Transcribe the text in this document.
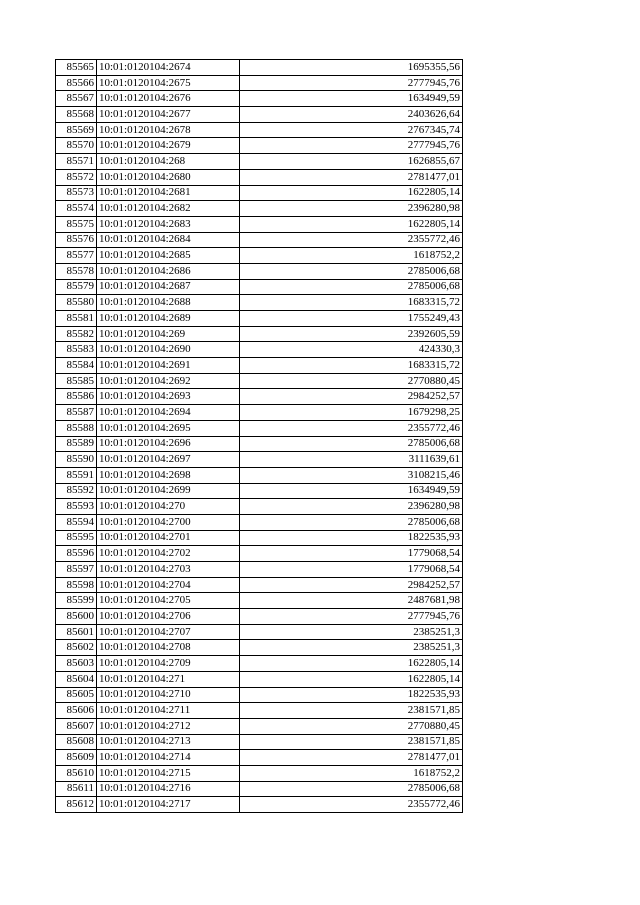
85565	10:01:0120104:2674	1695355,56
85566	10:01:0120104:2675	2777945,76
85567	10:01:0120104:2676	1634949,59
85568	10:01:0120104:2677	2403626,64
85569	10:01:0120104:2678	2767345,74
85570	10:01:0120104:2679	2777945,76
85571	10:01:0120104:268	1626855,67
85572	10:01:0120104:2680	2781477,01
85573	10:01:0120104:2681	1622805,14
85574	10:01:0120104:2682	2396280,98
85575	10:01:0120104:2683	1622805,14
85576	10:01:0120104:2684	2355772,46
85577	10:01:0120104:2685	1618752,2
85578	10:01:0120104:2686	2785006,68
85579	10:01:0120104:2687	2785006,68
85580	10:01:0120104:2688	1683315,72
85581	10:01:0120104:2689	1755249,43
85582	10:01:0120104:269	2392605,59
85583	10:01:0120104:2690	424330,3
85584	10:01:0120104:2691	1683315,72
85585	10:01:0120104:2692	2770880,45
85586	10:01:0120104:2693	2984252,57
85587	10:01:0120104:2694	1679298,25
85588	10:01:0120104:2695	2355772,46
85589	10:01:0120104:2696	2785006,68
85590	10:01:0120104:2697	3111639,61
85591	10:01:0120104:2698	3108215,46
85592	10:01:0120104:2699	1634949,59
85593	10:01:0120104:270	2396280,98
85594	10:01:0120104:2700	2785006,68
85595	10:01:0120104:2701	1822535,93
85596	10:01:0120104:2702	1779068,54
85597	10:01:0120104:2703	1779068,54
85598	10:01:0120104:2704	2984252,57
85599	10:01:0120104:2705	2487681,98
85600	10:01:0120104:2706	2777945,76
85601	10:01:0120104:2707	2385251,3
85602	10:01:0120104:2708	2385251,3
85603	10:01:0120104:2709	1622805,14
85604	10:01:0120104:271	1622805,14
85605	10:01:0120104:2710	1822535,93
85606	10:01:0120104:2711	2381571,85
85607	10:01:0120104:2712	2770880,45
85608	10:01:0120104:2713	2381571,85
85609	10:01:0120104:2714	2781477,01
85610	10:01:0120104:2715	1618752,2
85611	10:01:0120104:2716	2785006,68
85612	10:01:0120104:2717	2355772,46
